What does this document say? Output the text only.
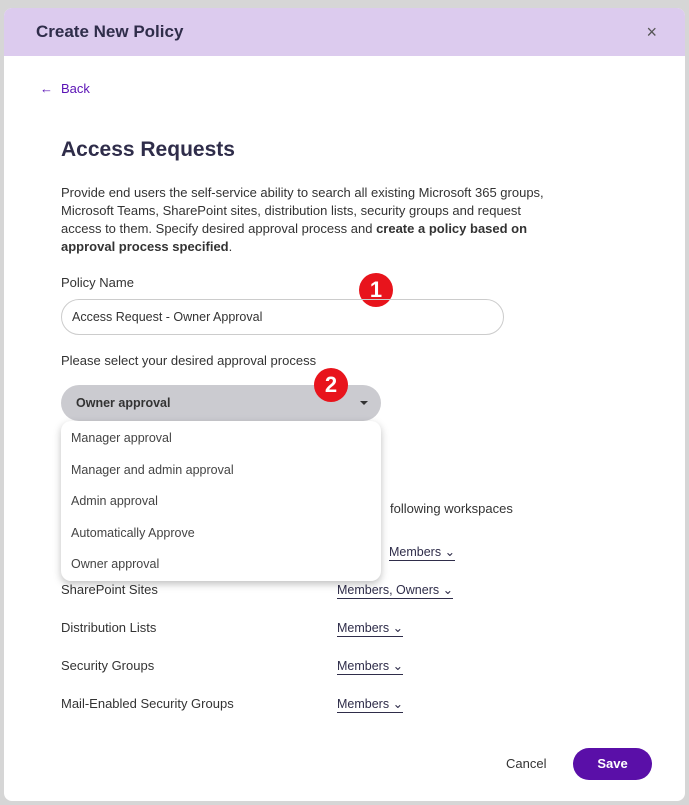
Create New Policy	×
← Back
Access Requests

Provide end users the self-service ability to search all existing Microsoft 365 groups, Microsoft Teams, SharePoint sites, distribution lists, security groups and request access to them. Specify desired approval process and create a policy based on approval process specified.

Policy Name	1
Access Request - Owner Approval
Please select your desired approval process
Owner approval
2
Manager approval
Manager and admin approval
Admin approval
Automatically Approve
Owner approval
following workspaces
Members ⌄
SharePoint Sites	Members, Owners ⌄
Distribution Lists	Members ⌄
Security Groups	Members ⌄
Mail-Enabled Security Groups	Members ⌄
Cancel	Save
